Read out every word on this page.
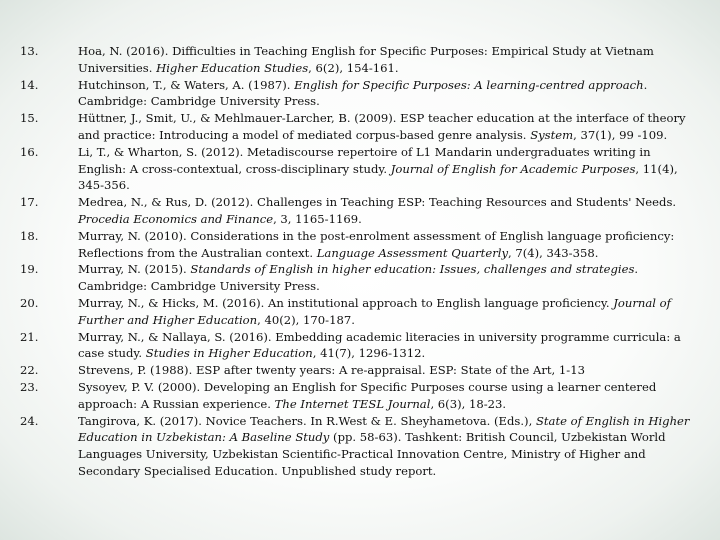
13.	Hoa, N. (2016). Difficulties in Teaching English for Specific Purposes: Empirical Study at Vietnam Universities. Higher Education Studies, 6(2), 154-161.
14.	Hutchinson, T., & Waters, A. (1987). English for Specific Purposes: A learning-centred approach. Cambridge: Cambridge University Press.
15.	Hüttner, J., Smit, U., & Mehlmauer-Larcher, B. (2009). ESP teacher education at the interface of theory and practice: Introducing a model of mediated corpus-based genre analysis. System, 37(1), 99 -109.
16.	Li, T., & Wharton, S. (2012). Metadiscourse repertoire of L1 Mandarin undergraduates writing in English: A cross-contextual, cross-disciplinary study. Journal of English for Academic Purposes, 11(4), 345-356.
17.	Medrea, N., & Rus, D. (2012). Challenges in Teaching ESP: Teaching Resources and Students' Needs. Procedia Economics and Finance, 3, 1165-1169.
18.	Murray, N. (2010). Considerations in the post-enrolment assessment of English language proficiency: Reflections from the Australian context. Language Assessment Quarterly, 7(4), 343-358.
19.	Murray, N. (2015). Standards of English in higher education: Issues, challenges and strategies. Cambridge: Cambridge University Press.
20.	Murray, N., & Hicks, M. (2016). An institutional approach to English language proficiency. Journal of Further and Higher Education, 40(2), 170-187.
21.	Murray, N., & Nallaya, S. (2016). Embedding academic literacies in university programme curricula: a case study. Studies in Higher Education, 41(7), 1296-1312.
22.	Strevens, P. (1988). ESP after twenty years: A re-appraisal. ESP: State of the Art, 1-13
23.	Sysoyev, P. V. (2000). Developing an English for Specific Purposes course using a learner centered approach: A Russian experience. The Internet TESL Journal, 6(3), 18-23.
24.	Tangirova, K. (2017). Novice Teachers. In R.West & E. Sheyhametova. (Eds.), State of English in Higher Education in Uzbekistan: A Baseline Study (pp. 58-63). Tashkent: British Council, Uzbekistan World Languages University, Uzbekistan Scientific-Practical Innovation Centre, Ministry of Higher and Secondary Specialised Education. Unpublished study report.
